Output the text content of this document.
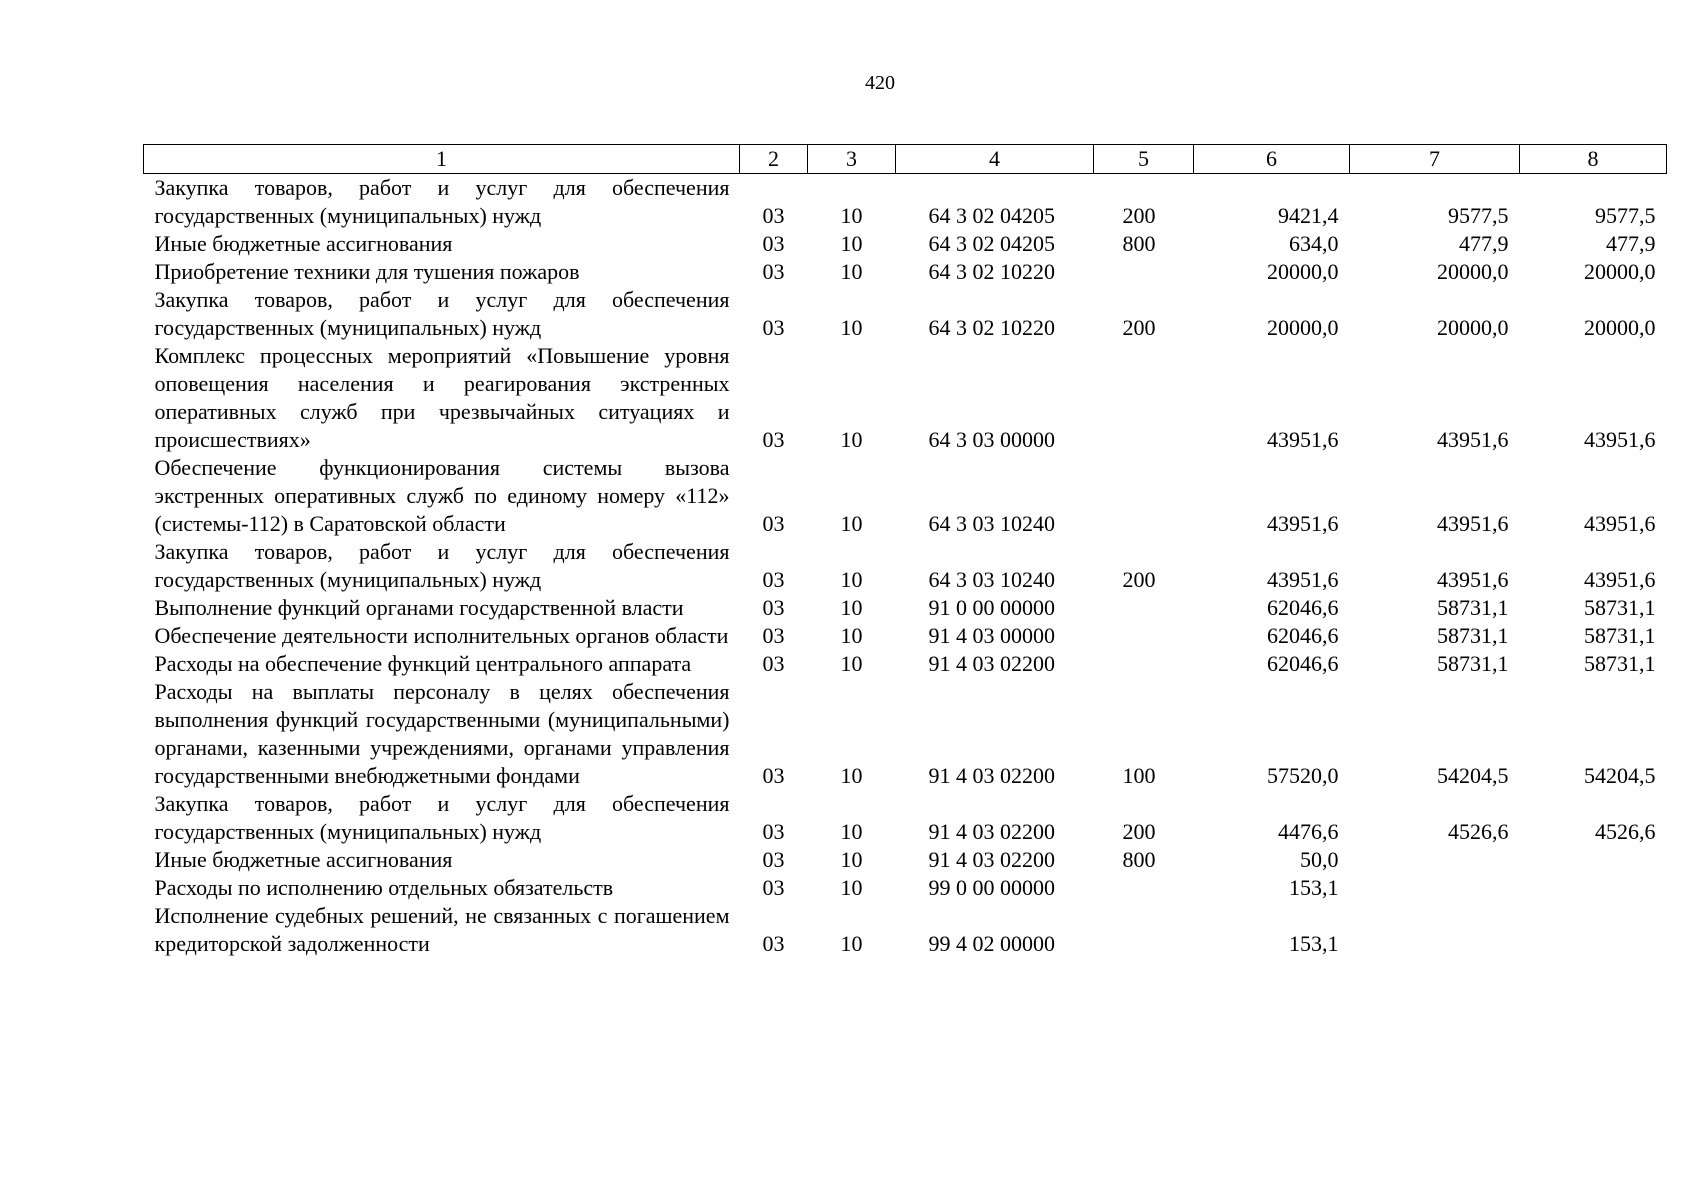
420
1	2	3	4	5	6	7	8
Закупка товаров, работ и услуг для обеспечения государственных (муниципальных) нужд	03	10	64 3 02 04205	200	9421,4	9577,5	9577,5
Иные бюджетные ассигнования	03	10	64 3 02 04205	800	634,0	477,9	477,9
Приобретение техники для тушения пожаров	03	10	64 3 02 10220		20000,0	20000,0	20000,0
Закупка товаров, работ и услуг для обеспечения государственных (муниципальных) нужд	03	10	64 3 02 10220	200	20000,0	20000,0	20000,0
Комплекс процессных мероприятий «Повышение уровня оповещения населения и реагирования экстренных оперативных служб при чрезвычайных ситуациях и происшествиях»	03	10	64 3 03 00000		43951,6	43951,6	43951,6
Обеспечение функционирования системы вызова экстренных оперативных служб по единому номеру «112» (системы-112) в Саратовской области	03	10	64 3 03 10240		43951,6	43951,6	43951,6
Закупка товаров, работ и услуг для обеспечения государственных (муниципальных) нужд	03	10	64 3 03 10240	200	43951,6	43951,6	43951,6
Выполнение функций органами государственной власти	03	10	91 0 00 00000		62046,6	58731,1	58731,1
Обеспечение деятельности исполнительных органов области	03	10	91 4 03 00000		62046,6	58731,1	58731,1
Расходы на обеспечение функций центрального аппарата	03	10	91 4 03 02200		62046,6	58731,1	58731,1
Расходы на выплаты персоналу в целях обеспечения выполнения функций государственными (муниципальными) органами, казенными учреждениями, органами управления государственными внебюджетными фондами	03	10	91 4 03 02200	100	57520,0	54204,5	54204,5
Закупка товаров, работ и услуг для обеспечения государственных (муниципальных) нужд	03	10	91 4 03 02200	200	4476,6	4526,6	4526,6
Иные бюджетные ассигнования	03	10	91 4 03 02200	800	50,0		
Расходы по исполнению отдельных обязательств	03	10	99 0 00 00000		153,1		
Исполнение судебных решений, не связанных с погашением кредиторской задолженности	03	10	99 4 02 00000		153,1		
